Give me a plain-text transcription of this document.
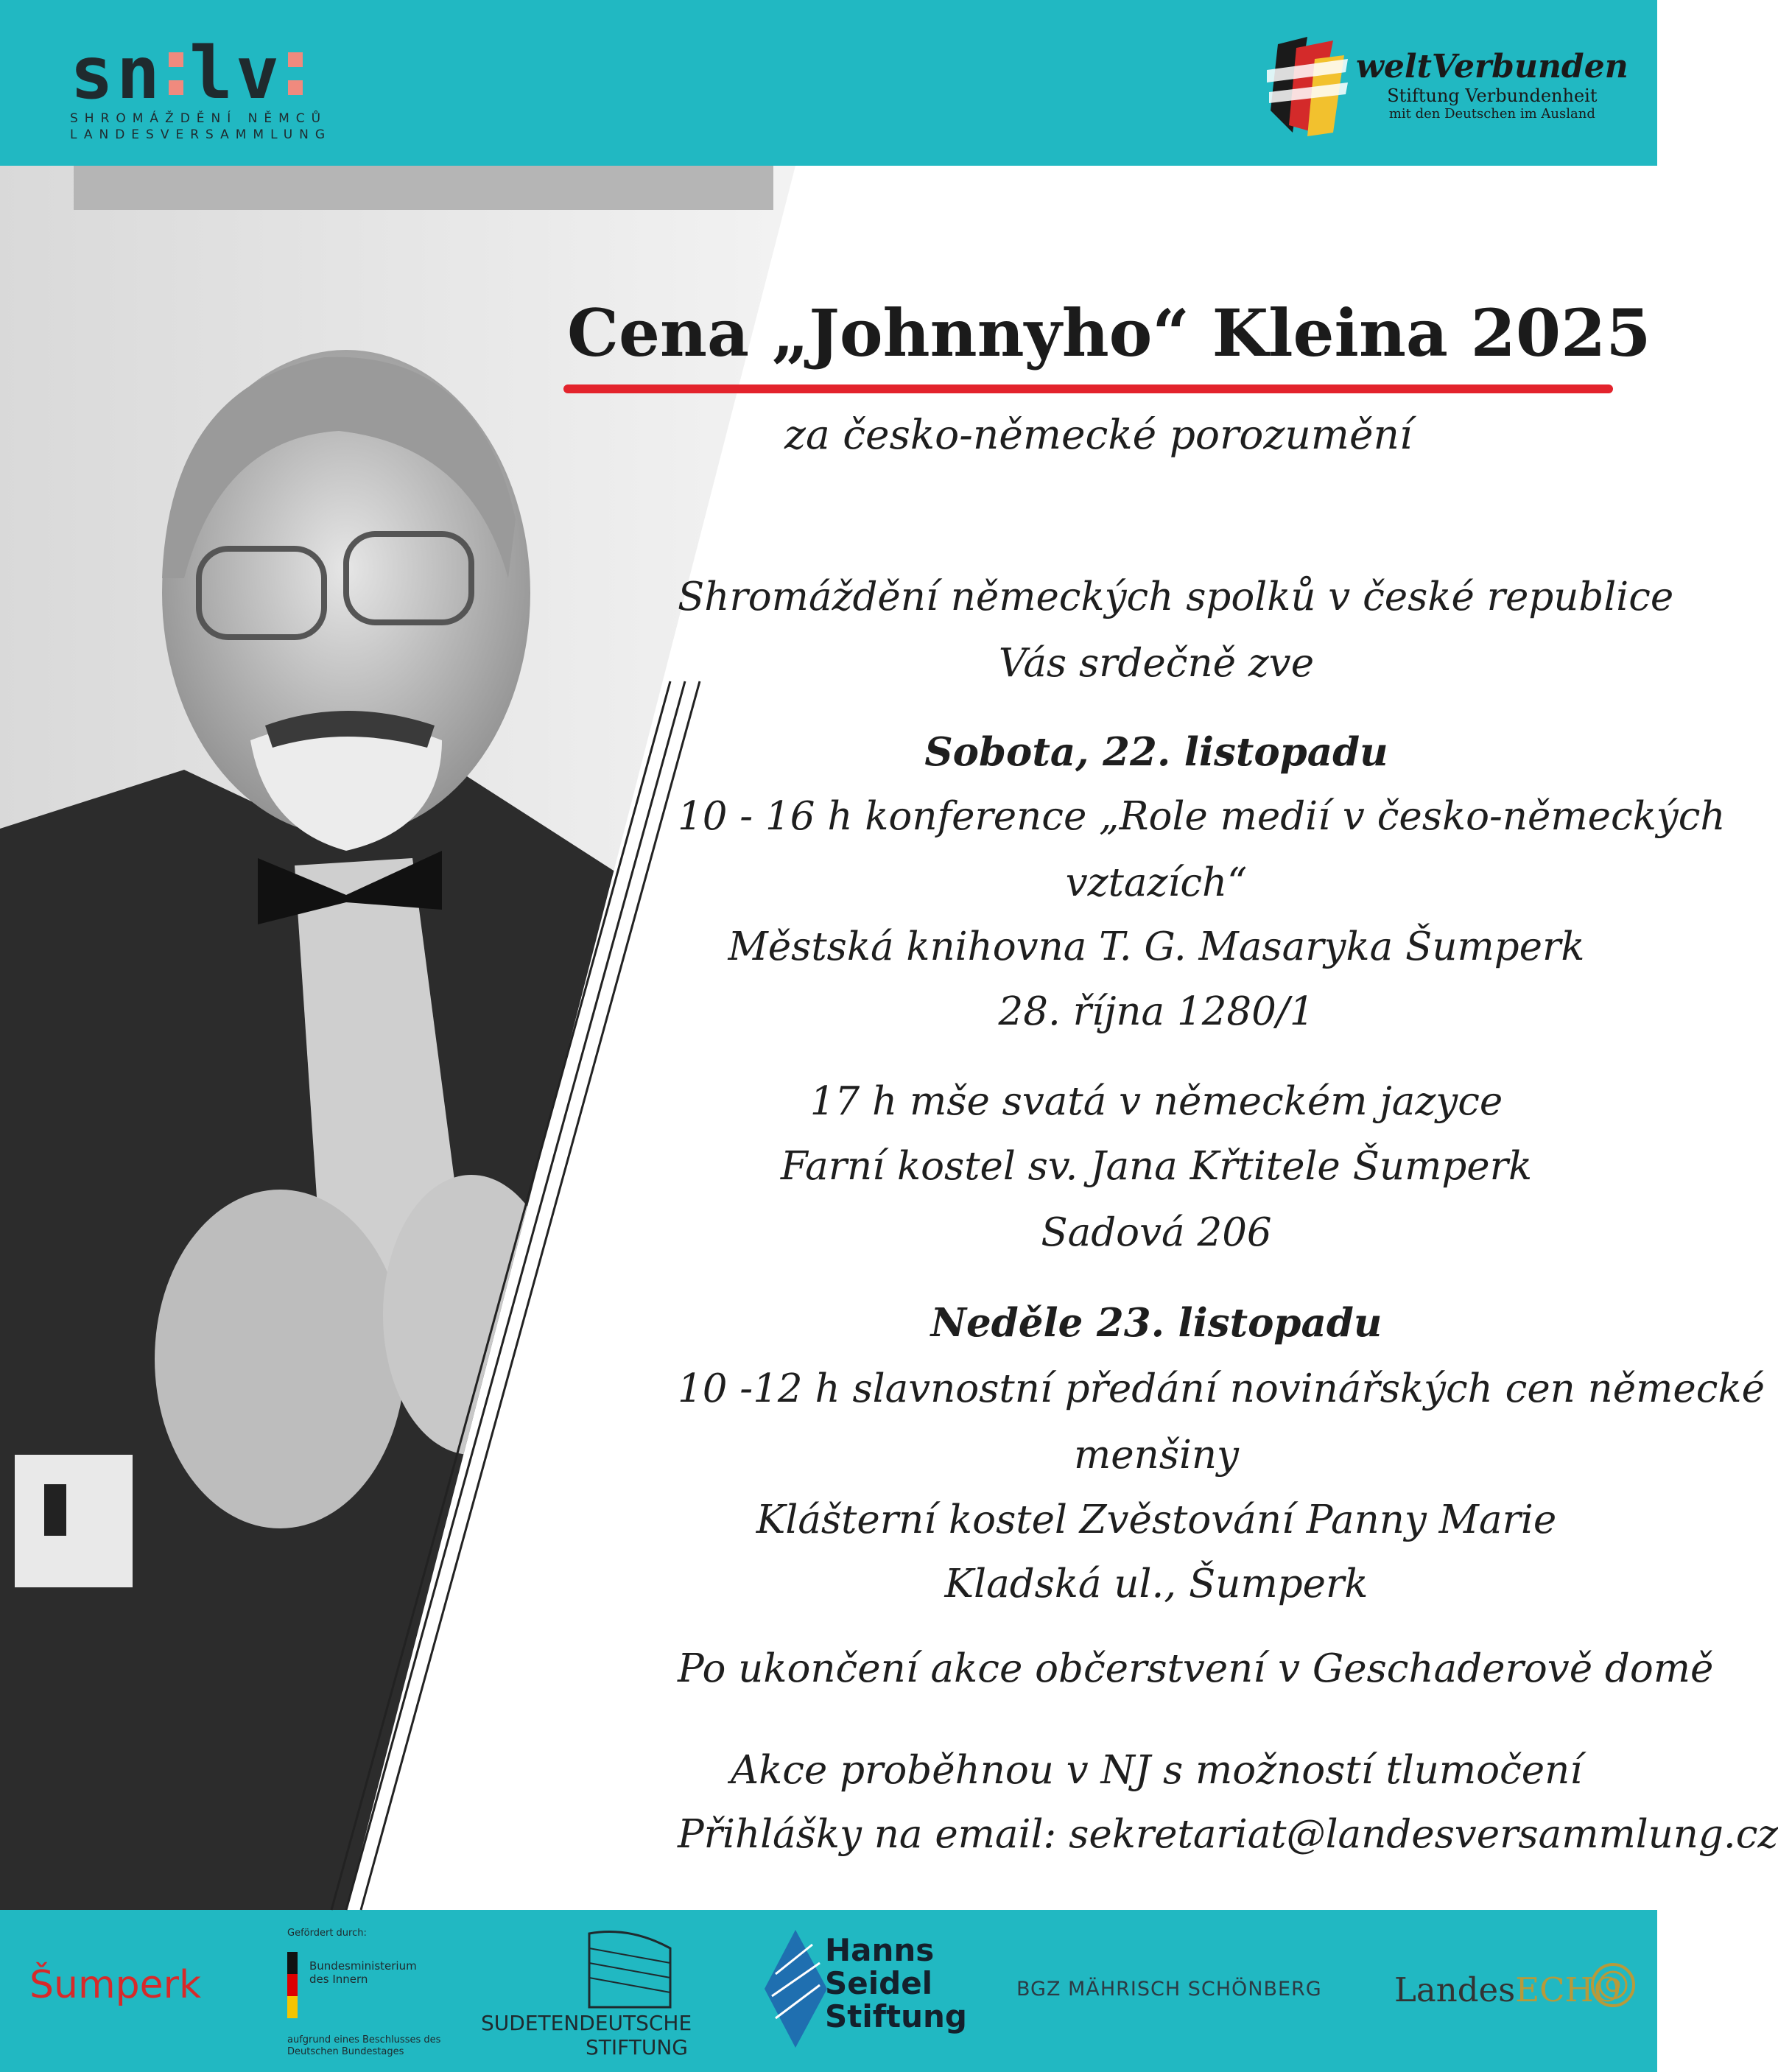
sn lv
SHROMÁŽDĚNÍ NĚMCŮ
LANDESVERSAMMLUNG
weltVerbunden
Stiftung Verbundenheit
mit den Deutschen im Ausland
Cena „Johnnyho“ Kleina 2025
za česko-německé porozumění
Shromáždění německých spolků v české republice
Vás srdečně zve
Sobota, 22. listopadu
10 - 16 h konference „Role medií v česko-německých
vztazích“
Městská knihovna T. G. Masaryka Šumperk
28. října 1280/1
17 h mše svatá v německém jazyce
Farní kostel sv. Jana Křtitele Šumperk
Sadová 206
Neděle 23. listopadu
10 -12 h slavnostní předání novinářských cen německé
menšiny
Klášterní kostel Zvěstování Panny Marie
Kladská ul., Šumperk
Po ukončení akce občerstvení v Geschaderově domě
Akce proběhnou v NJ s možností tlumočení
Přihlášky na email: sekretariat@landesversammlung.cz
Šumperk
Gefördert durch:
Bundesministerium des Innern
aufgrund eines Beschlusses des Deutschen Bundestages
SUDETENDEUTSCHE
STIFTUNG
Hanns
Seidel
Stiftung
BGZ MÄHRISCH SCHÖNBERG LandesECHO
